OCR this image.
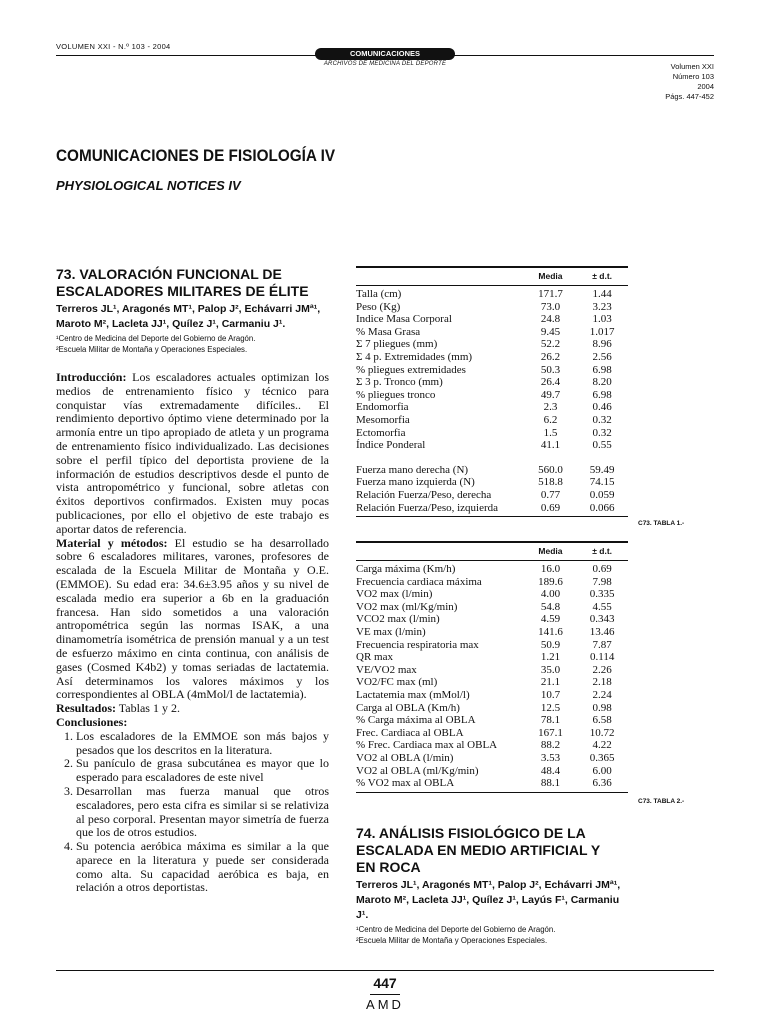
VOLUMEN XXI - N.º 103 - 2004
COMUNICACIONES
ARCHIVOS DE MEDICINA DEL DEPORTE	Volumen XXI
Número 103
2004
Págs. 447-452
COMUNICACIONES DE FISIOLOGÍA IV
PHYSIOLOGICAL NOTICES IV

73. VALORACIÓN FUNCIONAL DE ESCALADORES MILITARES DE ÉLITE

Terreros JL¹, Aragonés MT¹, Palop J², Echávarri JMª¹, Maroto M², Lacleta JJ¹, Quílez J¹, Carmaniu J¹.

¹Centro de Medicina del Deporte del Gobierno de Aragón.

²Escuela Militar de Montaña y Operaciones Especiales.

Introducción: Los escaladores actuales optimizan los medios de entrenamiento físico y técnico para conquistar vías extremadamente difíciles.. El rendimiento deportivo óptimo viene determinado por la armonía entre un tipo apropiado de atleta y un programa de entrenamiento físico individualizado. Las decisiones sobre el perfil típico del deportista proviene de la información de estudios descriptivos desde el punto de vista antropométrico y funcional, sobre atletas con éxitos deportivos confirmados. Existen muy pocas publicaciones, por ello el objetivo de este trabajo es aportar datos de referencia.

Material y métodos: El estudio se ha desarrollado sobre 6 escaladores militares, varones, profesores de escalada de la Escuela Militar de Montaña y O.E. (EMMOE). Su edad era: 34.6±3.95 años y su nivel de escalada medio era superior a 6b en la graduación francesa. Han sido sometidos a una valoración antropométrica según las normas ISAK, a una dinamometría isométrica de prensión manual y a un test de esfuerzo máximo en cinta continua, con análisis de gases (Cosmed K4b2) y tomas seriadas de lactatemia. Así determinamos los valores máximos y los correspondientes al OBLA (4mMol/l de lactatemia).

Resultados: Tablas 1 y 2.

Conclusiones:

1. Los escaladores de la EMMOE son más bajos y pesados que los descritos en la literatura.
2. Su panículo de grasa subcutánea es mayor que lo esperado para escaladores de este nivel
3. Desarrollan mas fuerza manual que otros escaladores, pero esta cifra es similar si se relativiza al peso corporal. Presentan mayor simetría de fuerza que los de otros estudios.
4. Su potencia aeróbica máxima es similar a la que aparece en la literatura y puede ser considerada como alta. Su capacidad aeróbica es baja, en relación a otros deportistas.
	Media	± d.t.

Talla (cm)	171.7	1.44
Peso (Kg)	73.0	3.23
Indice Masa Corporal	24.8	1.03
% Masa Grasa	9.45	1.017
Σ 7 pliegues (mm)	52.2	8.96
Σ 4 p. Extremidades (mm)	26.2	2.56
% pliegues extremidades	50.3	6.98
Σ 3 p. Tronco (mm)	26.4	8.20
% pliegues tronco	49.7	6.98
Endomorfia	2.3	0.46
Mesomorfia	6.2	0.32
Ectomorfia	1.5	0.32
Índice Ponderal	41.1	0.55

Fuerza mano derecha (N)	560.0	59.49
Fuerza mano izquierda (N)	518.8	74.15
Relación Fuerza/Peso, derecha	0.77	0.059
Relación Fuerza/Peso, izquierda	0.69	0.066
C73. TABLA 1.-
	Media	± d.t.

Carga máxima (Km/h)	16.0	0.69
Frecuencia cardiaca máxima	189.6	7.98
VO2 max (l/min)	4.00	0.335
VO2 max (ml/Kg/min)	54.8	4.55
VCO2 max (l/min)	4.59	0.343
VE max (l/min)	141.6	13.46
Frecuencia respiratoria max	50.9	7.87
QR max	1.21	0.114
VE/VO2 max	35.0	2.26
VO2/FC max (ml)	21.1	2.18
Lactatemia max (mMol/l)	10.7	2.24
Carga al OBLA (Km/h)	12.5	0.98
% Carga máxima al OBLA	78.1	6.58
Frec. Cardiaca al OBLA	167.1	10.72
% Frec. Cardiaca max al OBLA	88.2	4.22
VO2 al OBLA (l/min)	3.53	0.365
VO2 al OBLA (ml/Kg/min)	48.4	6.00
% VO2 max al OBLA	88.1	6.36
C73. TABLA 2.-

74. ANÁLISIS FISIOLÓGICO DE LA ESCALADA EN MEDIO ARTIFICIAL Y EN ROCA

Terreros JL¹, Aragonés MT¹, Palop J², Echávarri JMª¹, Maroto M², Lacleta JJ¹, Quílez J¹, Layús F¹, Carmaniu J¹.

¹Centro de Medicina del Deporte del Gobierno de Aragón.

²Escuela Militar de Montaña y Operaciones Especiales.

447
AMD
